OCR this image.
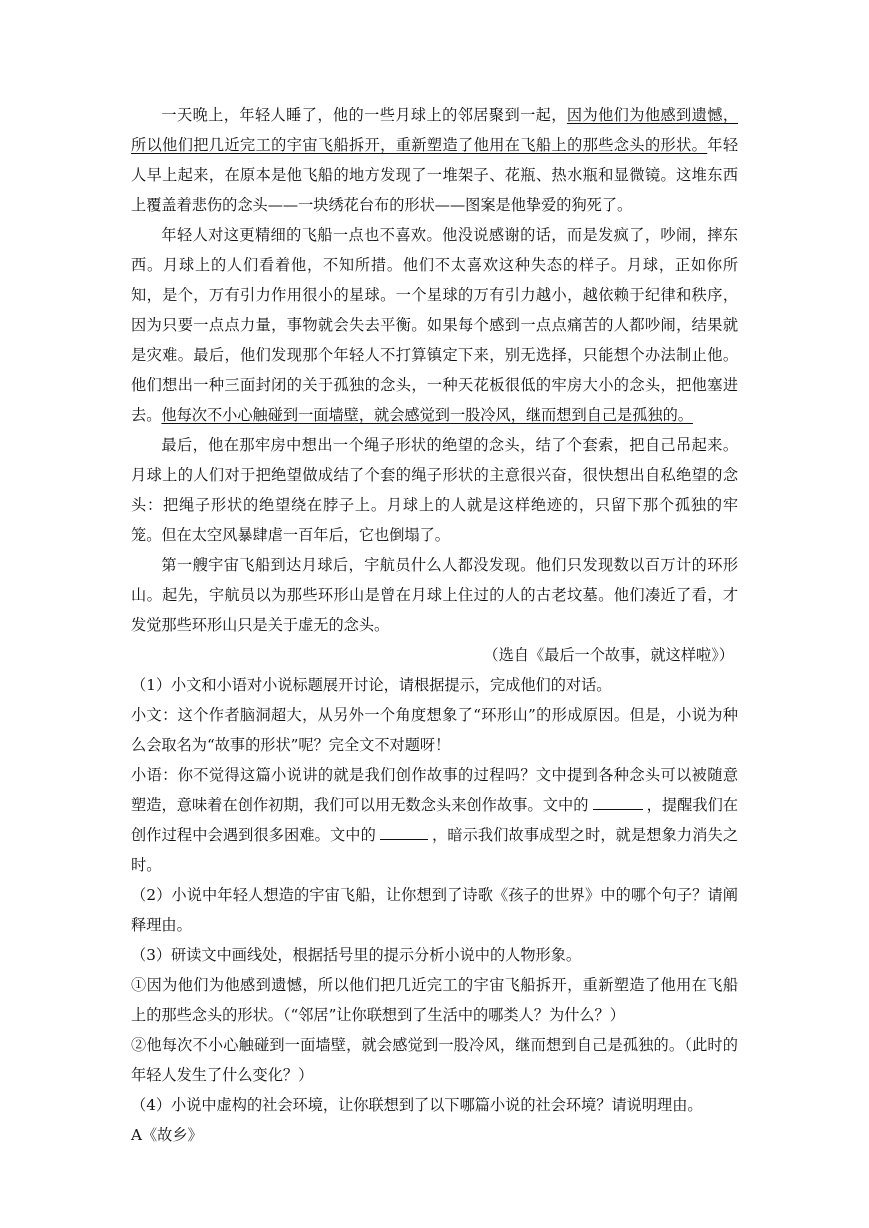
一天晚上，年轻人睡了，他的一些月球上的邻居聚到一起，因为他们为他感到遗憾，所以他们把几近完工的宇宙飞船拆开，重新塑造了他用在飞船上的那些念头的形状。年轻人早上起来，在原本是他飞船的地方发现了一堆架子、花瓶、热水瓶和显微镜。这堆东西上覆盖着悲伤的念头——一块绣花台布的形状——图案是他挚爱的狗死了。
年轻人对这更精细的飞船一点也不喜欢。他没说感谢的话，而是发疯了，吵闹，摔东西。月球上的人们看着他，不知所措。他们不太喜欢这种失态的样子。月球，正如你所知，是个，万有引力作用很小的星球。一个星球的万有引力越小，越依赖于纪律和秩序，因为只要一点点力量，事物就会失去平衡。如果每个感到一点点痛苦的人都吵闹，结果就是灾难。最后，他们发现那个年轻人不打算镇定下来，别无选择，只能想个办法制止他。他们想出一种三面封闭的关于孤独的念头，一种天花板很低的牢房大小的念头，把他塞进去。他每次不小心触碰到一面墙壁，就会感觉到一股冷风，继而想到自己是孤独的。
最后，他在那牢房中想出一个绳子形状的绝望的念头，结了个套索，把自己吊起来。月球上的人们对于把绝望做成结了个套的绳子形状的主意很兴奋，很快想出自私绝望的念头：把绳子形状的绝望绕在脖子上。月球上的人就是这样绝迹的，只留下那个孤独的牢笼。但在太空风暴肆虐一百年后，它也倒塌了。
第一艘宇宙飞船到达月球后，宇航员什么人都没发现。他们只发现数以百万计的环形山。起先，宇航员以为那些环形山是曾在月球上住过的人的古老坟墓。他们凑近了看，才发觉那些环形山只是关于虚无的念头。
（选自《最后一个故事，就这样啦》）
（1）小文和小语对小说标题展开讨论，请根据提示，完成他们的对话。
小文：这个作者脑洞超大，从另外一个角度想象了“环形山”的形成原因。但是，小说为种么会取名为“故事的形状”呢？完全文不对题呀！
小语：你不觉得这篇小说讲的就是我们创作故事的过程吗？文中提到各种念头可以被随意塑造，意味着在创作初期，我们可以用无数念头来创作故事。文中的	，提醒我们在创作过程中会遇到很多困难。文中的	，暗示我们故事成型之时，就是想象力消失之时。
（2）小说中年轻人想造的宇宙飞船，让你想到了诗歌《孩子的世界》中的哪个句子？请阐释理由。
（3）研读文中画线处，根据括号里的提示分析小说中的人物形象。
①因为他们为他感到遗憾，所以他们把几近完工的宇宙飞船拆开，重新塑造了他用在飞船上的那些念头的形状。（“邻居”让你联想到了生活中的哪类人？为什么？）
②他每次不小心触碰到一面墙壁，就会感觉到一股冷风，继而想到自己是孤独的。（此时的年轻人发生了什么变化？）
（4）小说中虚构的社会环境，让你联想到了以下哪篇小说的社会环境？请说明理由。
A《故乡》
